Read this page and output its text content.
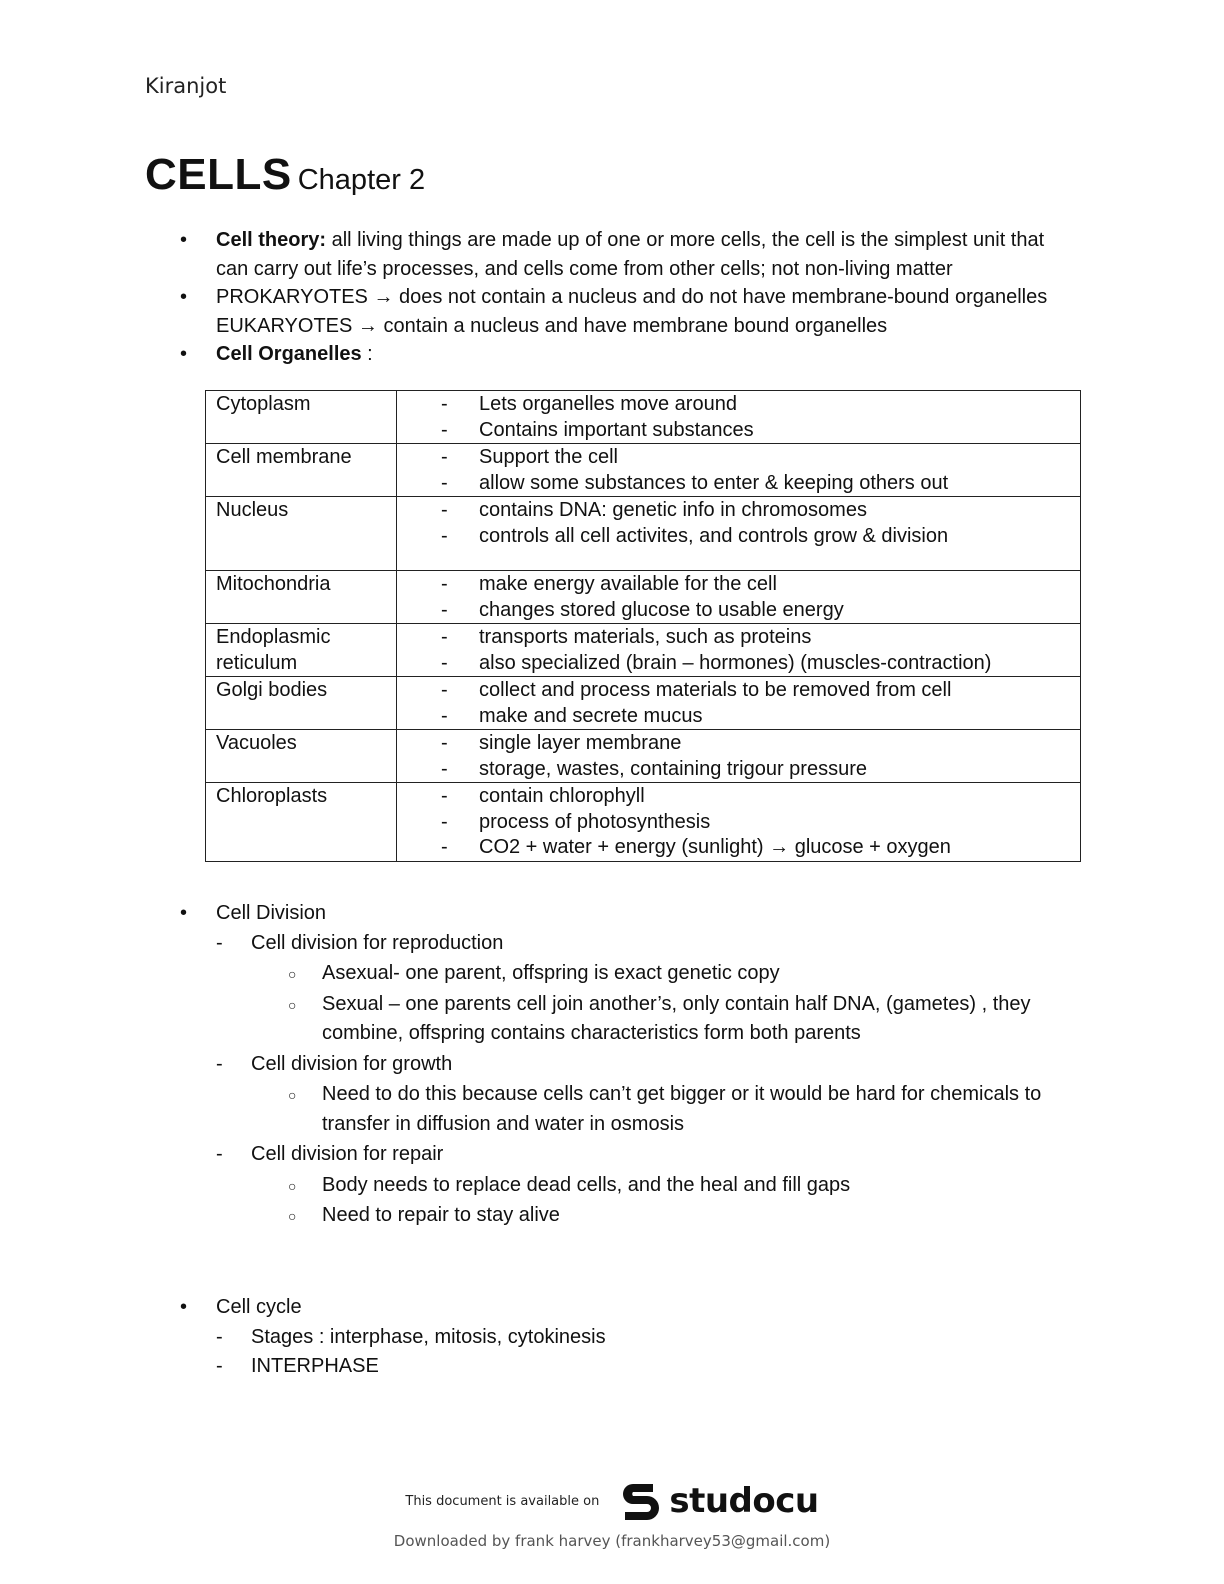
Kiranjot
CELLS Chapter 2
• Cell theory: all living things are made up of one or more cells, the cell is the simplest unit that can carry out life’s processes, and cells come from other cells; not non-living matter
• PROKARYOTES → does not contain a nucleus and do not have membrane-bound organelles EUKARYOTES → contain a nucleus and have membrane bound organelles
• Cell Organelles :
Cytoplasm	- Lets organelles move around
- Contains important substances

Cell membrane	- Support the cell
- allow some substances to enter & keeping others out

Nucleus	- contains DNA: genetic info in chromosomes
- controls all cell activites, and controls grow & division

Mitochondria	- make energy available for the cell
- changes stored glucose to usable energy

Endoplasmic reticulum	- transports materials, such as proteins
- also specialized (brain – hormones) (muscles-contraction)

Golgi bodies	- collect and process materials to be removed from cell
- make and secrete mucus

Vacuoles	- single layer membrane
- storage, wastes, containing trigour pressure

Chloroplasts	- contain chlorophyll
- process of photosynthesis
- CO2 + water + energy (sunlight) → glucose + oxygen
• Cell Division
- Cell division for reproduction
○ Asexual- one parent, offspring is exact genetic copy
○ Sexual – one parents cell join another’s, only contain half DNA, (gametes) , they combine, offspring contains characteristics form both parents
- Cell division for growth
○ Need to do this because cells can’t get bigger or it would be hard for chemicals to transfer in diffusion and water in osmosis
- Cell division for repair
○ Body needs to replace dead cells, and the heal and fill gaps
○ Need to repair to stay alive
• Cell cycle
- Stages : interphase, mitosis, cytokinesis
- INTERPHASE
This document is available on studocu
Downloaded by frank harvey (frankharvey53@gmail.com)
